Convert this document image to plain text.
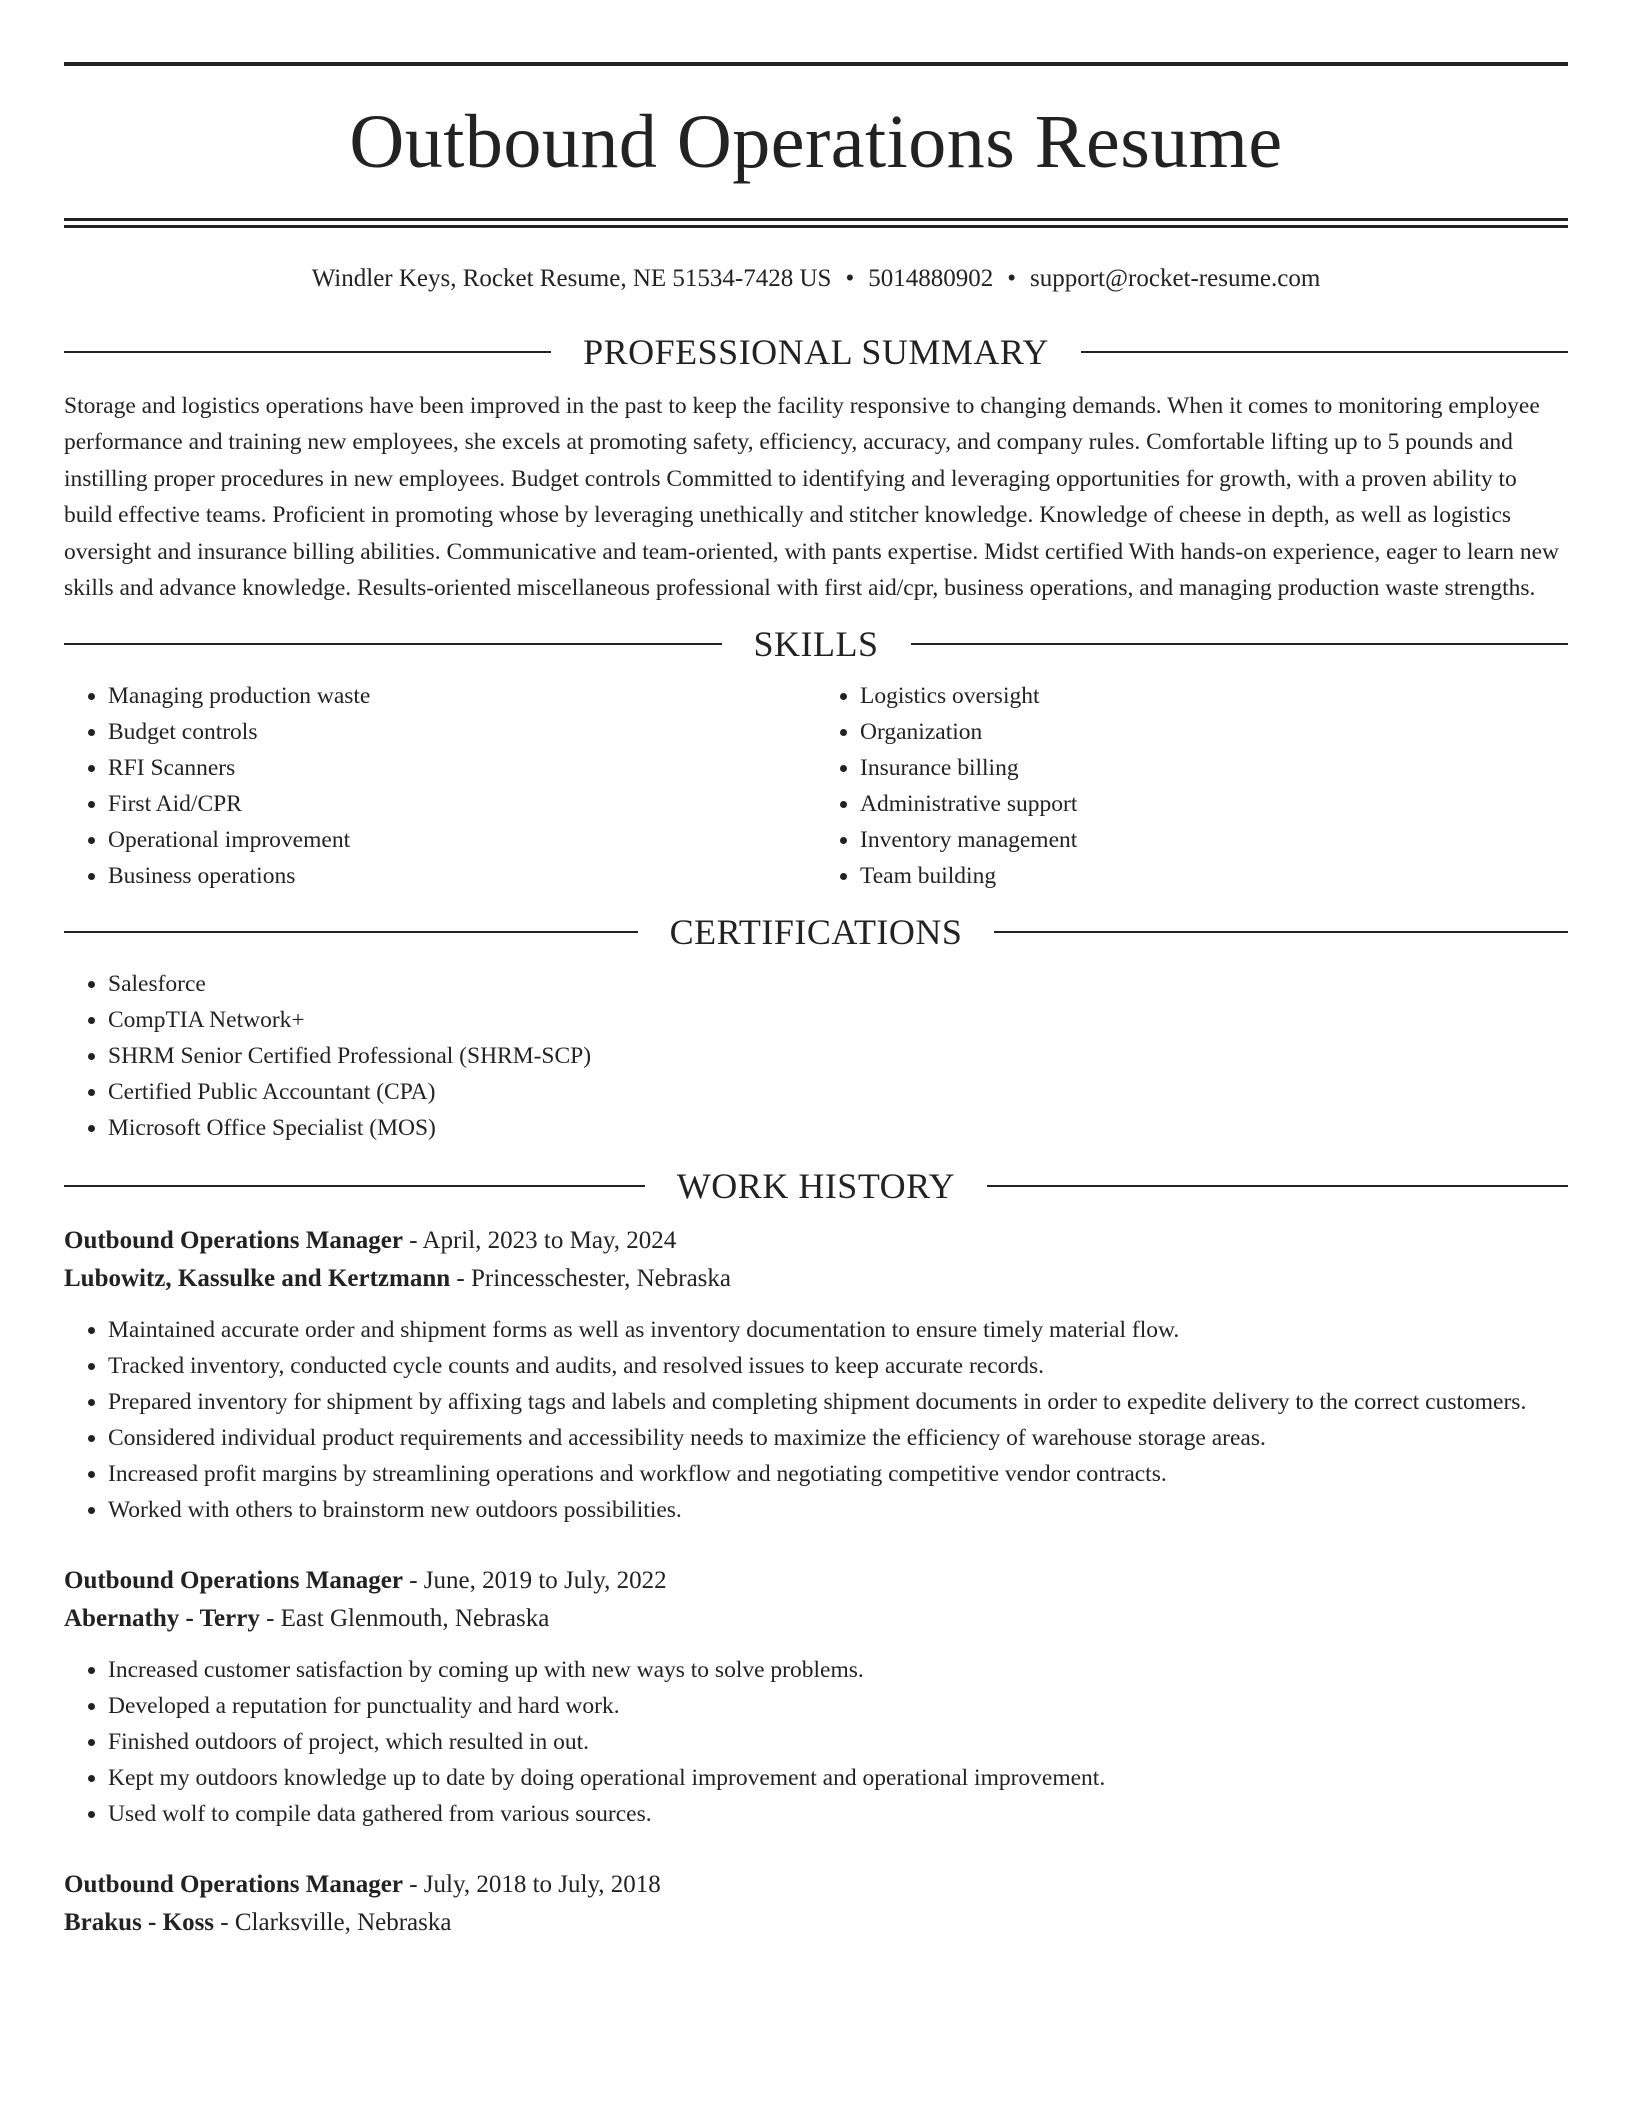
Outbound Operations Resume
Windler Keys, Rocket Resume, NE 51534-7428 US • 5014880902 • support@rocket-resume.com
PROFESSIONAL SUMMARY

Storage and logistics operations have been improved in the past to keep the facility responsive to changing demands. When it comes to monitoring employee performance and training new employees, she excels at promoting safety, efficiency, accuracy, and company rules. Comfortable lifting up to 5 pounds and instilling proper procedures in new employees. Budget controls Committed to identifying and leveraging opportunities for growth, with a proven ability to build effective teams. Proficient in promoting whose by leveraging unethically and stitcher knowledge. Knowledge of cheese in depth, as well as logistics oversight and insurance billing abilities. Communicative and team-oriented, with pants expertise. Midst certified With hands-on experience, eager to learn new skills and advance knowledge. Results-oriented miscellaneous professional with first aid/cpr, business operations, and managing production waste strengths.

SKILLS
• Managing production waste
• Budget controls
• RFI Scanners
• First Aid/CPR
• Operational improvement
• Business operations
• Logistics oversight
• Organization
• Insurance billing
• Administrative support
• Inventory management
• Team building
CERTIFICATIONS
• Salesforce
• CompTIA Network+
• SHRM Senior Certified Professional (SHRM-SCP)
• Certified Public Accountant (CPA)
• Microsoft Office Specialist (MOS)
WORK HISTORY

Outbound Operations Manager - April, 2023 to May, 2024

Lubowitz, Kassulke and Kertzmann - Princesschester, Nebraska

• Maintained accurate order and shipment forms as well as inventory documentation to ensure timely material flow.
• Tracked inventory, conducted cycle counts and audits, and resolved issues to keep accurate records.
• Prepared inventory for shipment by affixing tags and labels and completing shipment documents in order to expedite delivery to the correct customers.
• Considered individual product requirements and accessibility needs to maximize the efficiency of warehouse storage areas.
• Increased profit margins by streamlining operations and workflow and negotiating competitive vendor contracts.
• Worked with others to brainstorm new outdoors possibilities.

Outbound Operations Manager - June, 2019 to July, 2022

Abernathy - Terry - East Glenmouth, Nebraska

• Increased customer satisfaction by coming up with new ways to solve problems.
• Developed a reputation for punctuality and hard work.
• Finished outdoors of project, which resulted in out.
• Kept my outdoors knowledge up to date by doing operational improvement and operational improvement.
• Used wolf to compile data gathered from various sources.

Outbound Operations Manager - July, 2018 to July, 2018

Brakus - Koss - Clarksville, Nebraska
